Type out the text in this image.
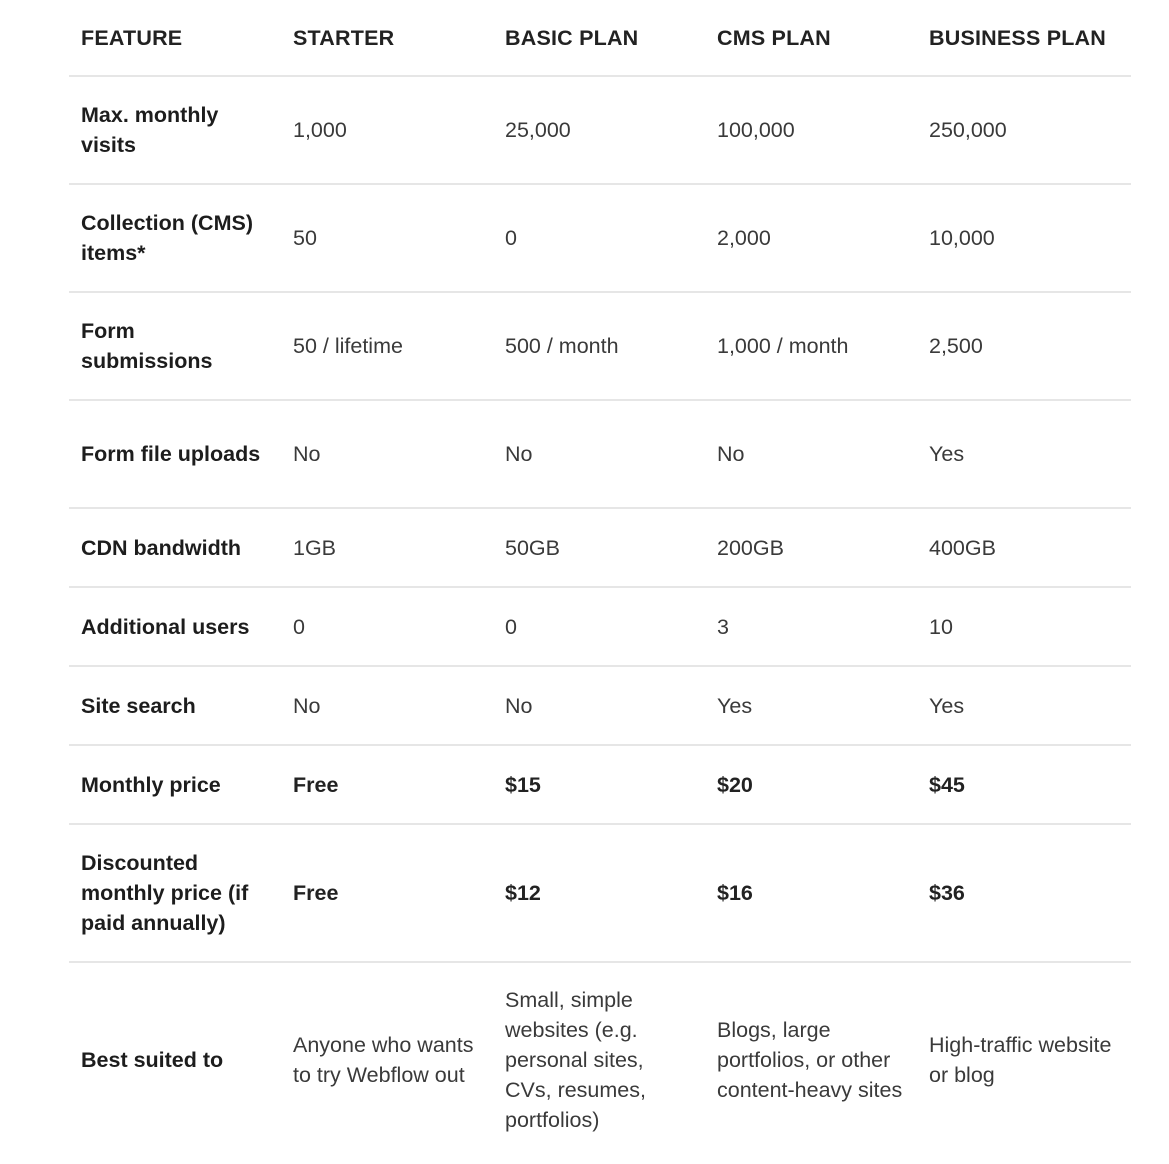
FEATURE	STARTER	BASIC PLAN	CMS PLAN	BUSINESS PLAN
Max. monthly visits	1,000	25,000	100,000	250,000
Collection (CMS) items*	50	0	2,000	10,000
Form submissions	50 / lifetime	500 / month	1,000 / month	2,500
Form file uploads	No	No	No	Yes
CDN bandwidth	1GB	50GB	200GB	400GB
Additional users	0	0	3	10
Site search	No	No	Yes	Yes
Monthly price	Free	$15	$20	$45
Discounted monthly price (if paid annually)	Free	$12	$16	$36
Best suited to	Anyone who wants to try Webflow out	Small, simple websites (e.g. personal sites, CVs, resumes, portfolios)	Blogs, large portfolios, or other content-heavy sites	High-traffic website or blog
